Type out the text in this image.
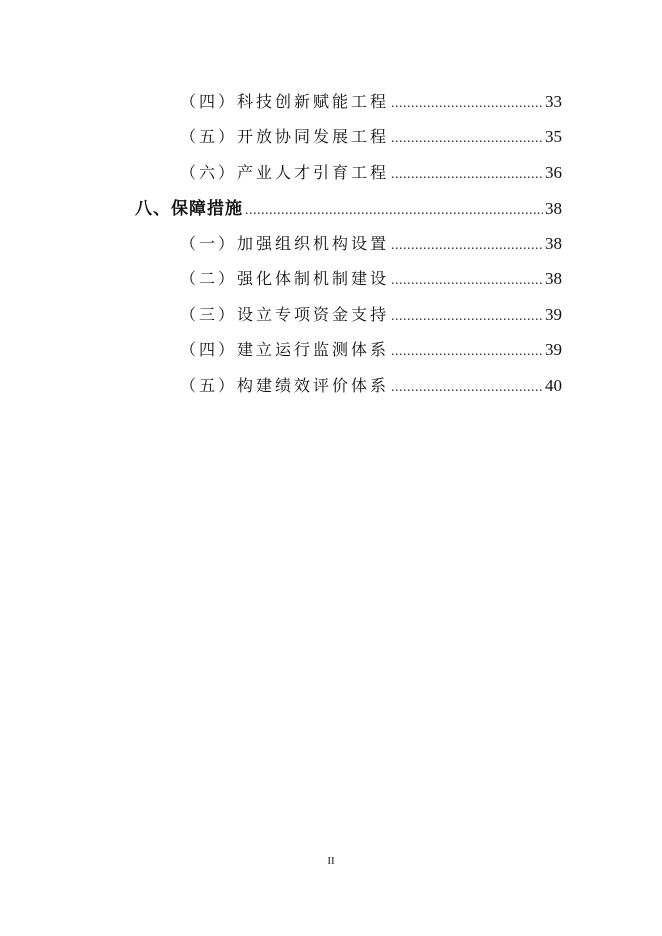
（四）科技创新赋能工程 .....	33
（五）开放协同发展工程 .....	35
（六）产业人才引育工程 .....	36
八、保障措施 .....	38
（一）加强组织机构设置 .....	38
（二）强化体制机制建设 .....	38
（三）设立专项资金支持 .....	39
（四）建立运行监测体系 .....	39
（五）构建绩效评价体系 .....	40
II
